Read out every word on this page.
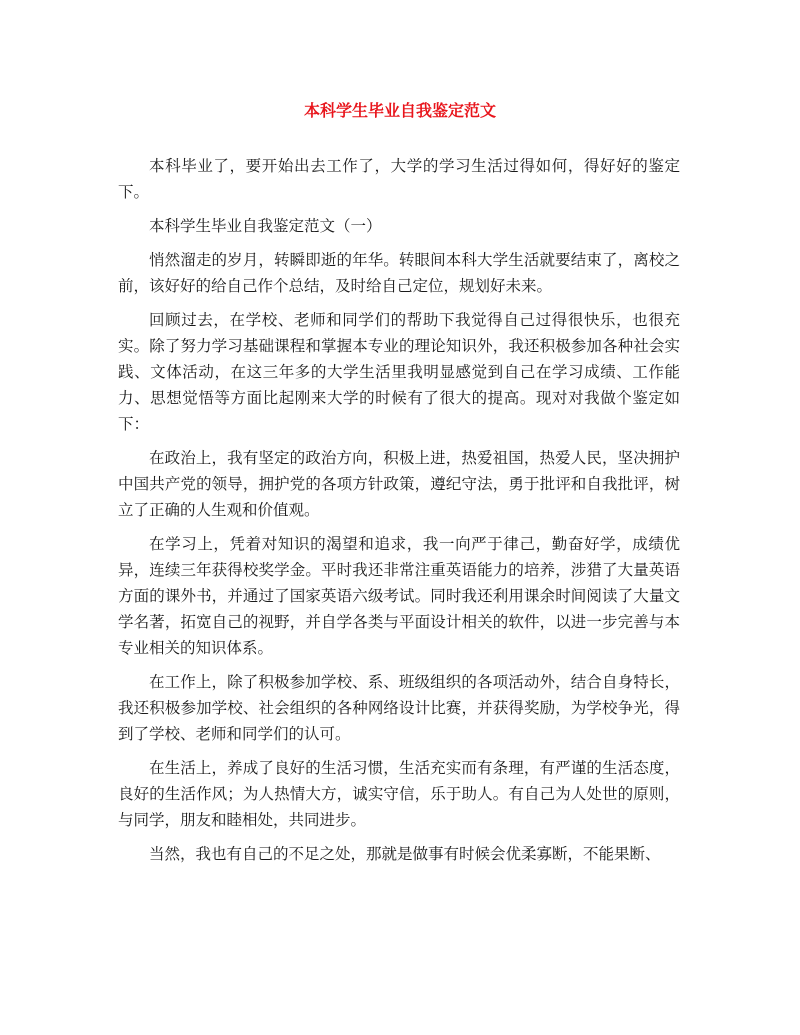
本科学生毕业自我鉴定范文

本科毕业了，要开始出去工作了，大学的学习生活过得如何，得好好的鉴定下。

本科学生毕业自我鉴定范文（一）

悄然溜走的岁月，转瞬即逝的年华。转眼间本科大学生活就要结束了，离校之前，该好好的给自己作个总结，及时给自己定位，规划好未来。

回顾过去，在学校、老师和同学们的帮助下我觉得自己过得很快乐，也很充实。除了努力学习基础课程和掌握本专业的理论知识外，我还积极参加各种社会实践、文体活动，在这三年多的大学生活里我明显感觉到自己在学习成绩、工作能力、思想觉悟等方面比起刚来大学的时候有了很大的提高。现对对我做个鉴定如下：

在政治上，我有坚定的政治方向，积极上进，热爱祖国，热爱人民，坚决拥护中国共产党的领导，拥护党的各项方针政策，遵纪守法，勇于批评和自我批评，树立了正确的人生观和价值观。

在学习上，凭着对知识的渴望和追求，我一向严于律己，勤奋好学，成绩优异，连续三年获得校奖学金。平时我还非常注重英语能力的培养，涉猎了大量英语方面的课外书，并通过了国家英语六级考试。同时我还利用课余时间阅读了大量文学名著，拓宽自己的视野，并自学各类与平面设计相关的软件，以进一步完善与本专业相关的知识体系。

在工作上，除了积极参加学校、系、班级组织的各项活动外，结合自身特长，我还积极参加学校、社会组织的各种网络设计比赛，并获得奖励，为学校争光，得到了学校、老师和同学们的认可。

在生活上，养成了良好的生活习惯，生活充实而有条理，有严谨的生活态度，良好的生活作风；为人热情大方，诚实守信，乐于助人。有自己为人处世的原则，与同学，朋友和睦相处，共同进步。

当然，我也有自己的不足之处，那就是做事有时候会优柔寡断，不能果断、
